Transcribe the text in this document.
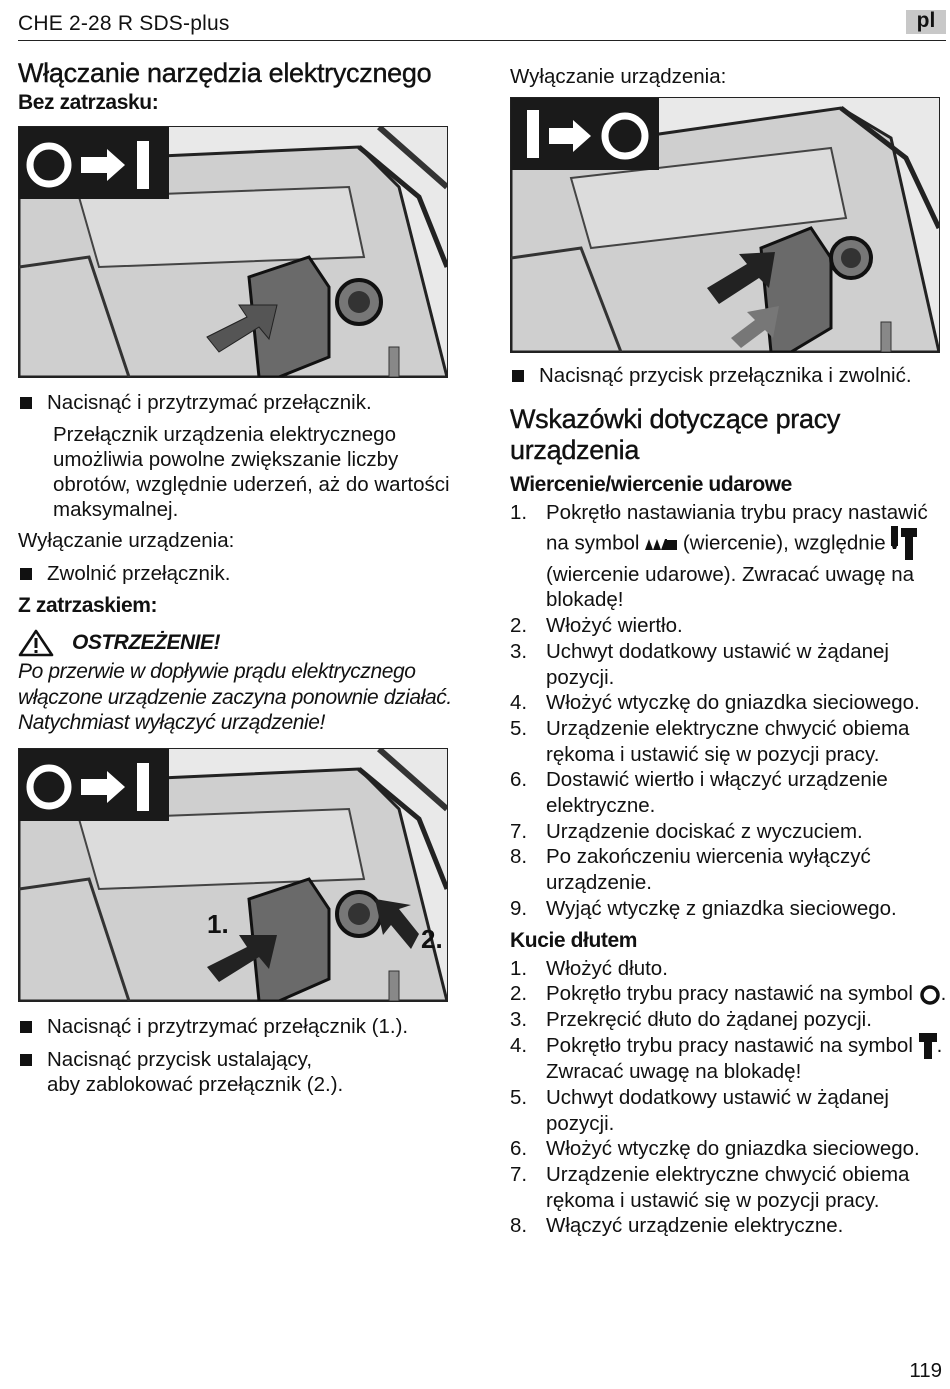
CHE 2-28 R SDS-plus	pl
Włączanie narzędzia elektrycznego
Bez zatrzasku:
Nacisnąć i przytrzymać przełącznik.
Przełącznik urządzenia elektrycznego umożliwia powolne zwiększanie liczby obrotów, względnie uderzeń, aż do wartości maksymalnej.

Wyłączanie urządzenia:

Zwolnić przełącznik.
Z zatrzaskiem:
OSTRZEŻENIE!
Po przerwie w dopływie prądu elektrycznego włączone urządzenie zaczyna ponownie działać. Natychmiast wyłączyć urządzenie!
1.	2.
Nacisnąć i przytrzymać przełącznik (1.).
Nacisnąć przycisk ustalający,
aby zablokować przełącznik (2.).

Wyłączanie urządzenia:

Nacisnąć przycisk przełącznika i zwolnić.
Wskazówki dotyczące pracy urządzenia
Wiercenie/wiercenie udarowe
1. Pokrętło nastawiania trybu pracy nastawić na symbol (wiercenie), względnie  (wiercenie udarowe). Zwracać uwagę na blokadę!
2. Włożyć wiertło.
3. Uchwyt dodatkowy ustawić w żądanej pozycji.
4. Włożyć wtyczkę do gniazdka sieciowego.
5. Urządzenie elektryczne chwycić obiema rękoma i ustawić się w pozycji pracy.
6. Dostawić wiertło i włączyć urządzenie elektryczne.
7. Urządzenie dociskać z wyczuciem.
8. Po zakończeniu wiercenia wyłączyć urządzenie.
9. Wyjąć wtyczkę z gniazdka sieciowego.
Kucie dłutem
1. Włożyć dłuto.
2. Pokrętło trybu pracy nastawić na symbol .
3. Przekręcić dłuto do żądanej pozycji.
4. Pokrętło trybu pracy nastawić na symbol . Zwracać uwagę na blokadę!
5. Uchwyt dodatkowy ustawić w żądanej pozycji.
6. Włożyć wtyczkę do gniazdka sieciowego.
7. Urządzenie elektryczne chwycić obiema rękoma i ustawić się w pozycji pracy.
8. Włączyć urządzenie elektryczne.
119
